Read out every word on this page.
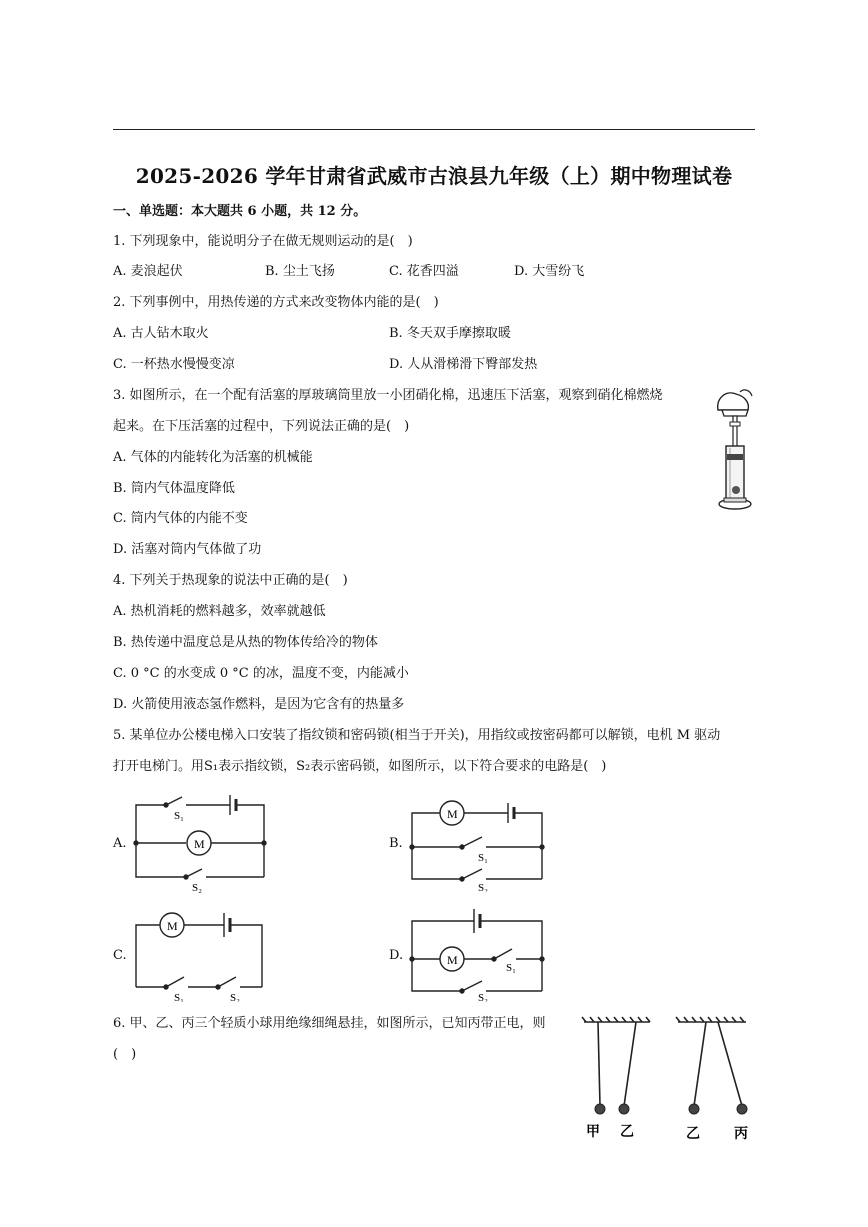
2025-2026 学年甘肃省武威市古浪县九年级（上）期中物理试卷
一、单选题：本大题共 6 小题，共 12 分。
1. 下列现象中，能说明分子在做无规则运动的是(　)
A. 麦浪起伏	B. 尘土飞扬	C. 花香四溢	D. 大雪纷飞
2. 下列事例中，用热传递的方式来改变物体内能的是(　)
A. 古人钻木取火	B. 冬天双手摩擦取暖
C. 一杯热水慢慢变凉	D. 人从滑梯滑下臀部发热
3. 如图所示，在一个配有活塞的厚玻璃筒里放一小团硝化棉，迅速压下活塞，观察到硝化棉燃烧
起来。在下压活塞的过程中，下列说法正确的是(　)
A. 气体的内能转化为活塞的机械能
B. 筒内气体温度降低
C. 筒内气体的内能不变
D. 活塞对筒内气体做了功
4. 下列关于热现象的说法中正确的是(　)
A. 热机消耗的燃料越多，效率就越低
B. 热传递中温度总是从热的物体传给冷的物体
C. 0 °C 的水变成 0 °C 的冰，温度不变，内能减小
D. 火箭使用液态氢作燃料，是因为它含有的热量多
5. 某单位办公楼电梯入口安装了指纹锁和密码锁(相当于开关)，用指纹或按密码都可以解锁，电机 M 驱动
打开电梯门。用S₁表示指纹锁，S₂表示密码锁，如图所示，以下符合要求的电路是(　)
A.	M
S₁
S₂
B.
M
S₁
S₂
C.
M
S₁	S₂
D.	M
S₁
S₂
6. 甲、乙、丙三个轻质小球用绝缘细绳悬挂，如图所示，已知丙带正电，则
(　)
甲 乙	乙 丙
